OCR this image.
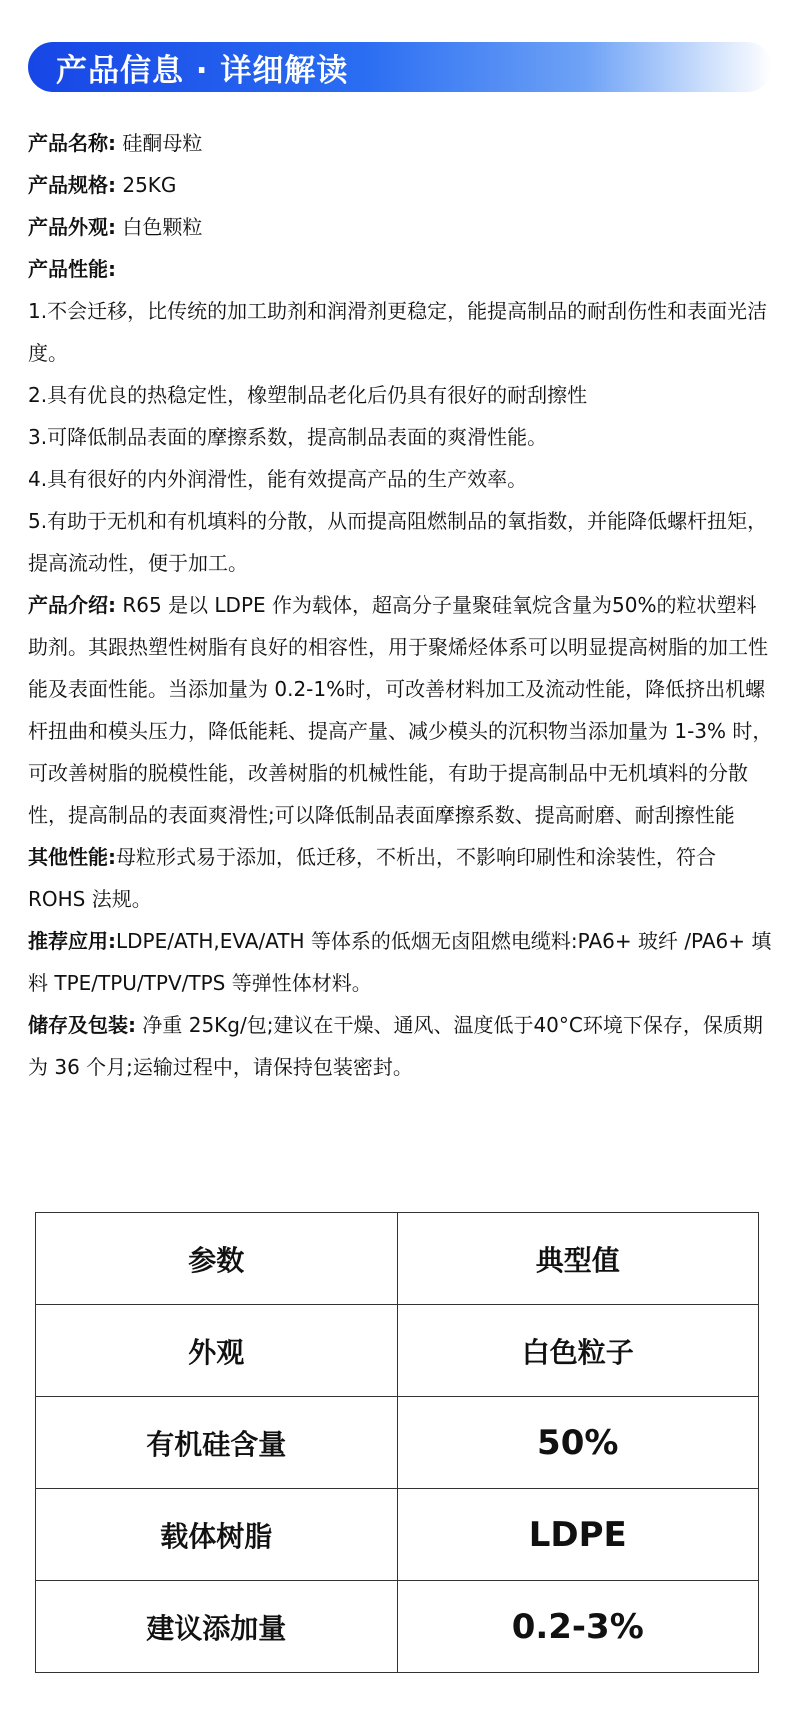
产品信息 · 详细解读
产品名称: 硅酮母粒
产品规格: 25KG
产品外观: 白色颗粒
产品性能:
1.不会迁移，比传统的加工助剂和润滑剂更稳定，能提高制品的耐刮伤性和表面光洁度。
2.具有优良的热稳定性，橡塑制品老化后仍具有很好的耐刮擦性
3.可降低制品表面的摩擦系数，提高制品表面的爽滑性能。
4.具有很好的内外润滑性，能有效提高产品的生产效率。
5.有助于无机和有机填料的分散，从而提高阻燃制品的氧指数，并能降低螺杆扭矩，提高流动性，便于加工。
产品介绍: R65 是以 LDPE 作为载体，超高分子量聚硅氧烷含量为50%的粒状塑料助剂。其跟热塑性树脂有良好的相容性，用于聚烯烃体系可以明显提高树脂的加工性能及表面性能。当添加量为 0.2-1%时，可改善材料加工及流动性能，降低挤出机螺杆扭曲和模头压力，降低能耗、提高产量、减少模头的沉积物当添加量为 1-3% 时，可改善树脂的脱模性能，改善树脂的机械性能，有助于提高制品中无机填料的分散性，提高制品的表面爽滑性;可以降低制品表面摩擦系数、提高耐磨、耐刮擦性能
其他性能:母粒形式易于添加，低迁移，不析出，不影响印刷性和涂装性，符合 ROHS 法规。
推荐应用:LDPE/ATH,EVA/ATH 等体系的低烟无卤阻燃电缆料:PA6+ 玻纤 /PA6+ 填料 TPE/TPU/TPV/TPS 等弹性体材料。
储存及包装: 净重 25Kg/包;建议在干燥、通风、温度低于40°C环境下保存，保质期为 36 个月;运输过程中，请保持包装密封。
参数	典型值
外观	白色粒子
有机硅含量	50%
载体树脂	LDPE
建议添加量	0.2-3%
